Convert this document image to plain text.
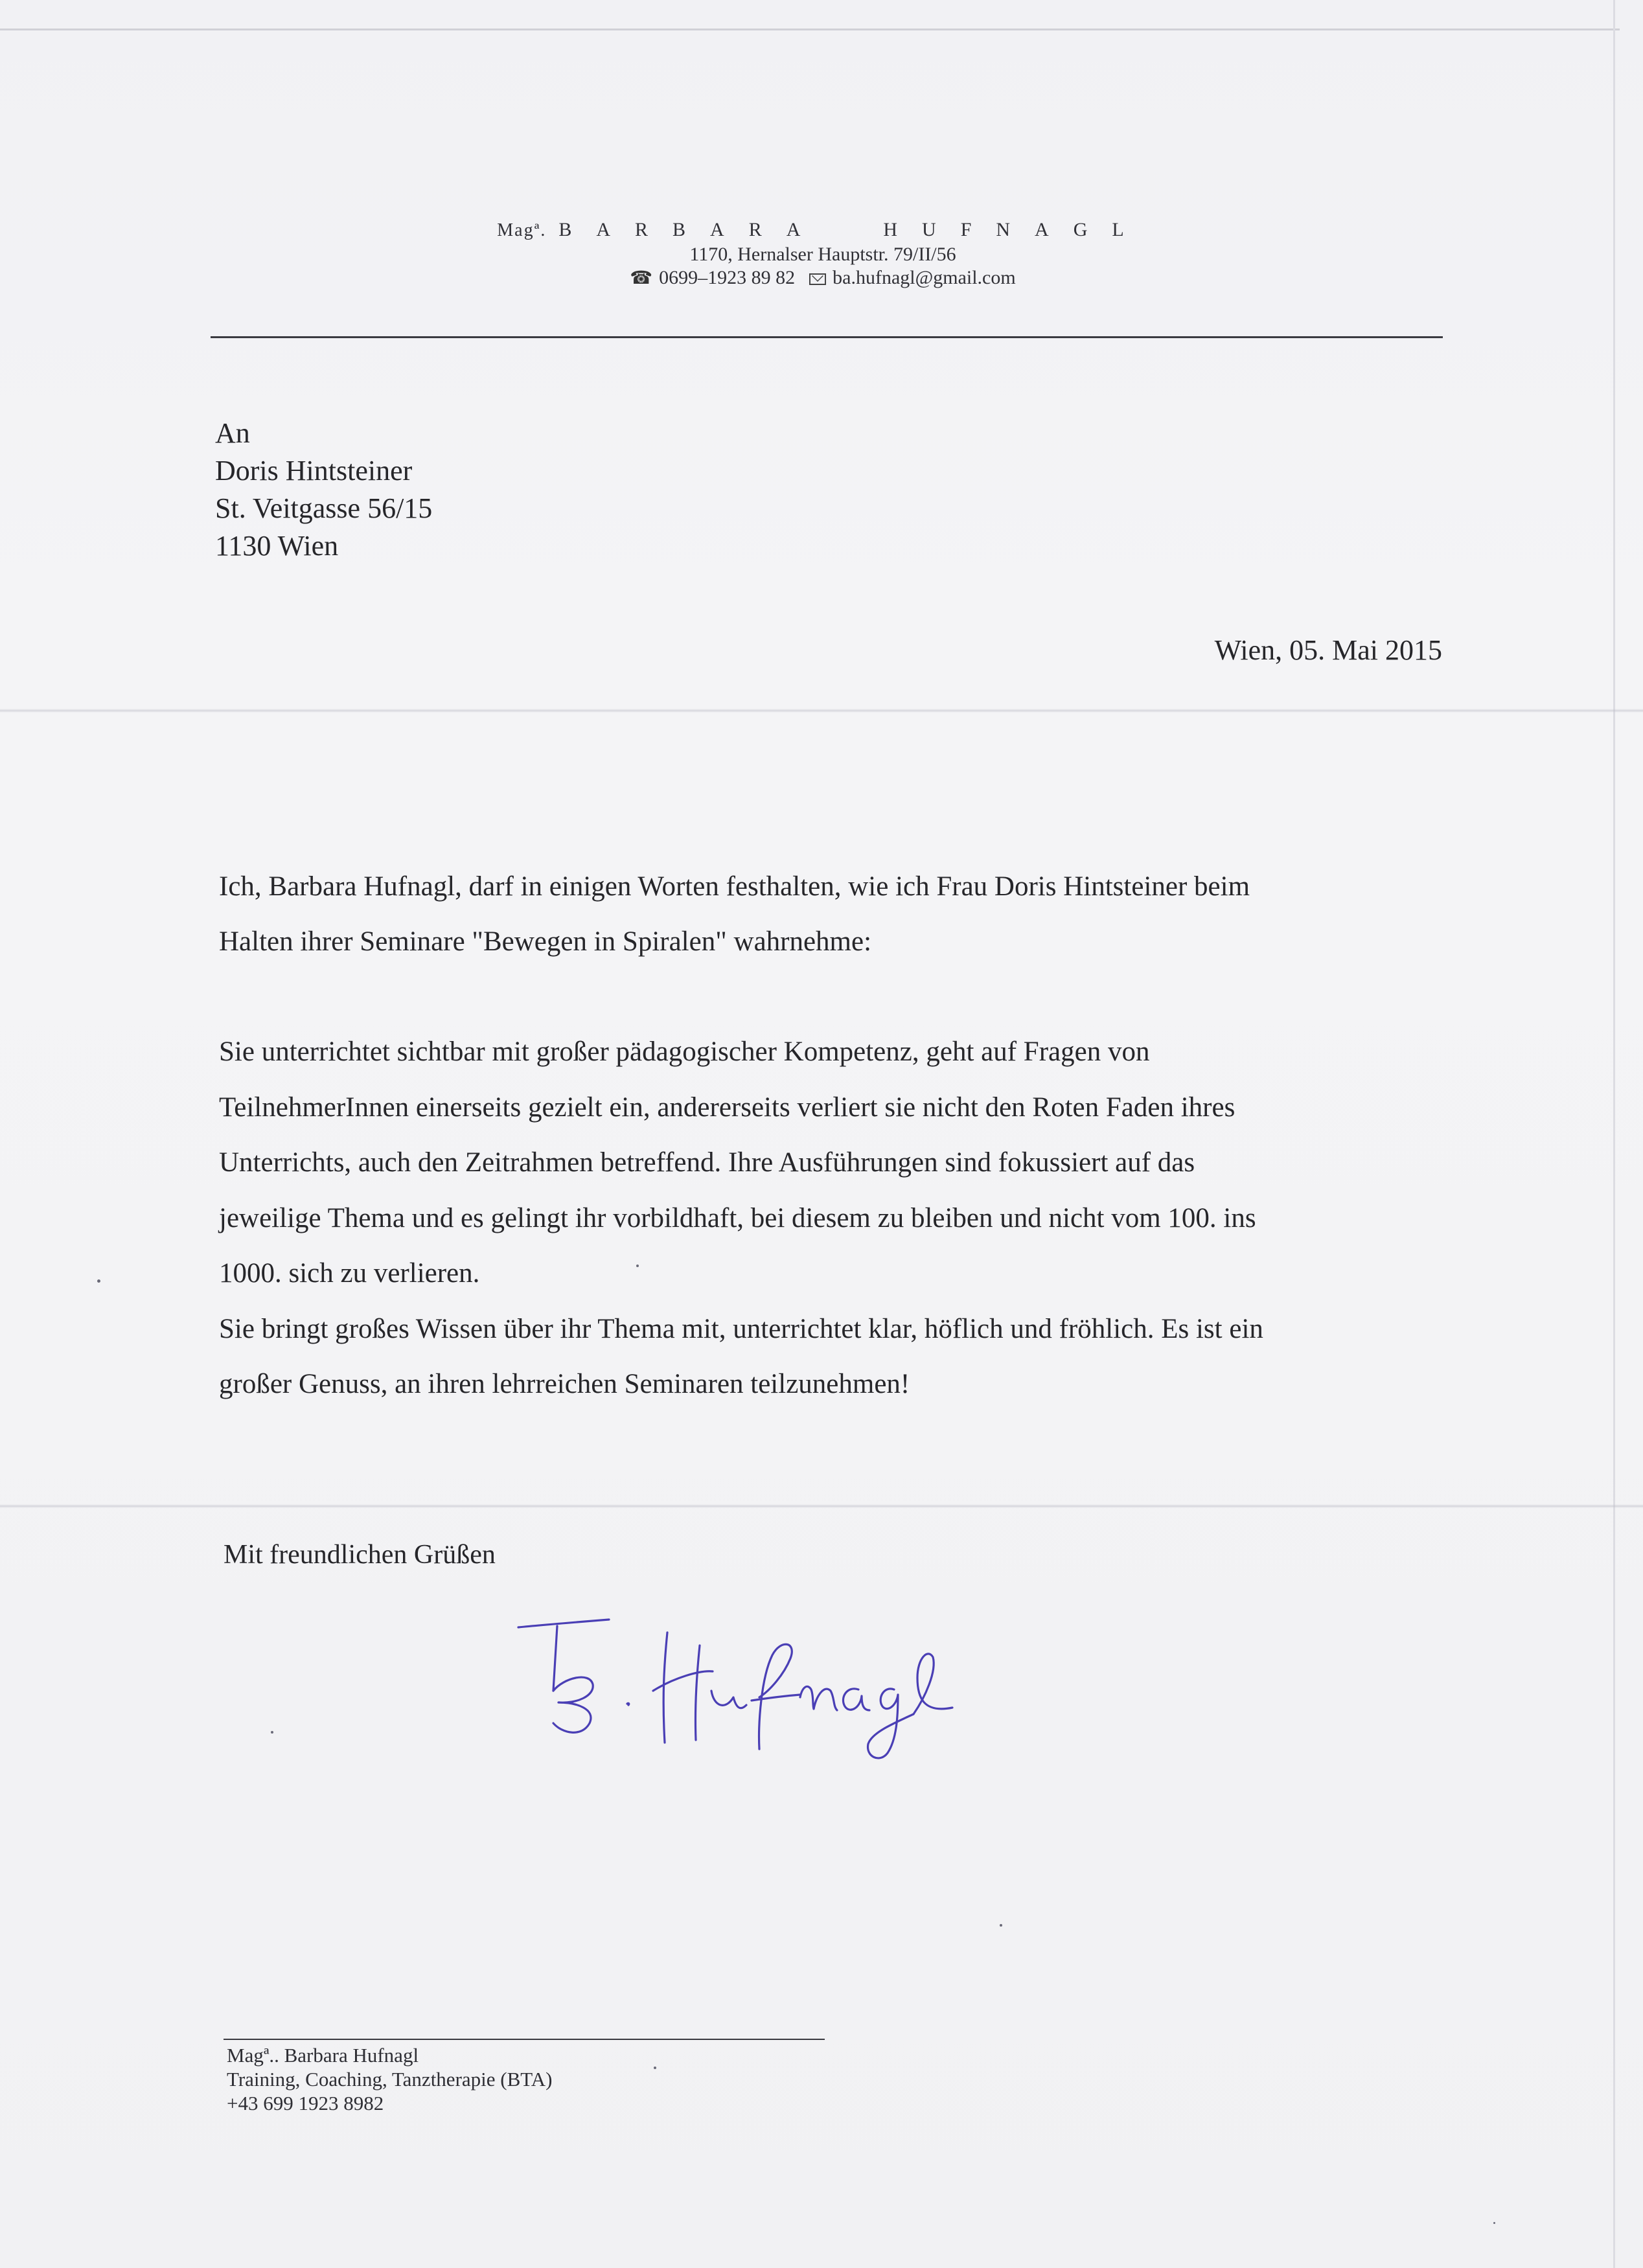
Magª. BARBARA	HUFNAGL
1170, Hernalser Hauptstr. 79/II/56
☎ 0699–1923 89 82 ba.hufnagl@gmail.com
An
Doris Hintsteiner
St. Veitgasse 56/15
1130 Wien
Wien, 05. Mai 2015
Ich, Barbara Hufnagl, darf in einigen Worten festhalten, wie ich Frau Doris Hintsteiner beim
Halten ihrer Seminare "Bewegen in Spiralen" wahrnehme:
Sie unterrichtet sichtbar mit großer pädagogischer Kompetenz, geht auf Fragen von
TeilnehmerInnen einerseits gezielt ein, andererseits verliert sie nicht den Roten Faden ihres
Unterrichts, auch den Zeitrahmen betreffend. Ihre Ausführungen sind fokussiert auf das
jeweilige Thema und es gelingt ihr vorbildhaft, bei diesem zu bleiben und nicht vom 100. ins
1000. sich zu verlieren.
Sie bringt großes Wissen über ihr Thema mit, unterrichtet klar, höflich und fröhlich. Es ist ein
großer Genuss, an ihren lehrreichen Seminaren teilzunehmen!
Mit freundlichen Grüßen
Magª.. Barbara Hufnagl
Training, Coaching, Tanztherapie (BTA)
+43 699 1923 8982
